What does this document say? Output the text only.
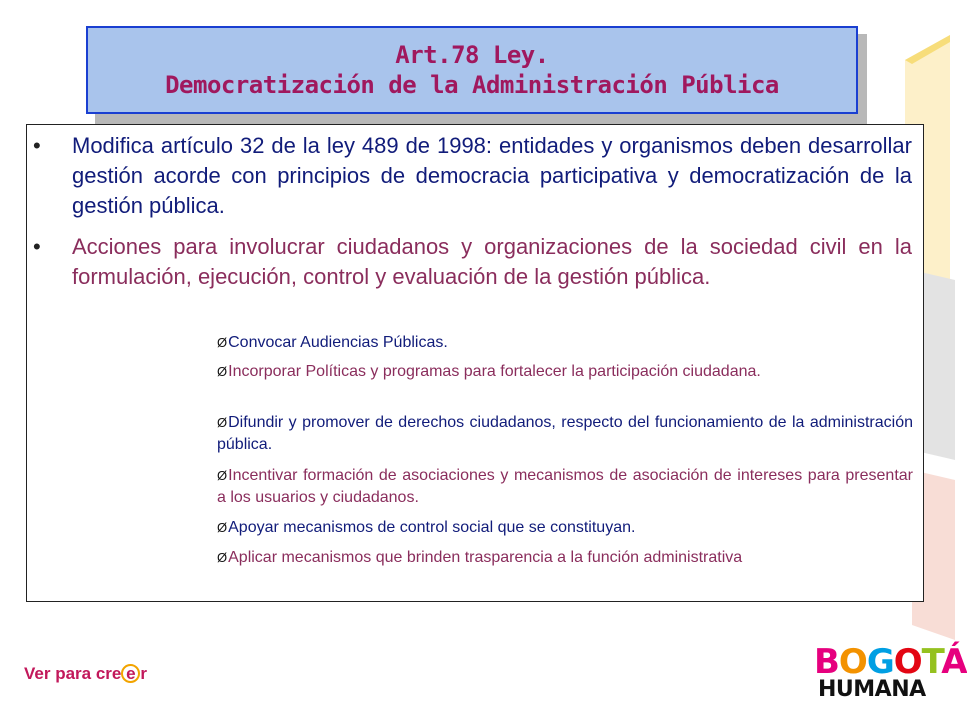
Art.78 Ley.
Democratización de la Administración Pública
• Modifica artículo 32 de la ley 489 de 1998: entidades y organismos deben desarrollar gestión acorde con principios de democracia participativa y democratización de la gestión pública.
• Acciones para involucrar ciudadanos y organizaciones de la sociedad civil en la formulación, ejecución, control y evaluación de la gestión pública.
ØConvocar Audiencias Públicas.
ØIncorporar Políticas y programas para fortalecer la participación ciudadana.
ØDifundir y promover de derechos ciudadanos, respecto del funcionamiento de la administración pública.
ØIncentivar formación de asociaciones y mecanismos de asociación de intereses para presentar a los usuarios y ciudadanos.
ØApoyar mecanismos de control social que se constituyan.
ØAplicar mecanismos que brinden trasparencia a la función administrativa
Ver para cre e r	BOGOTÁ
HUMANA
